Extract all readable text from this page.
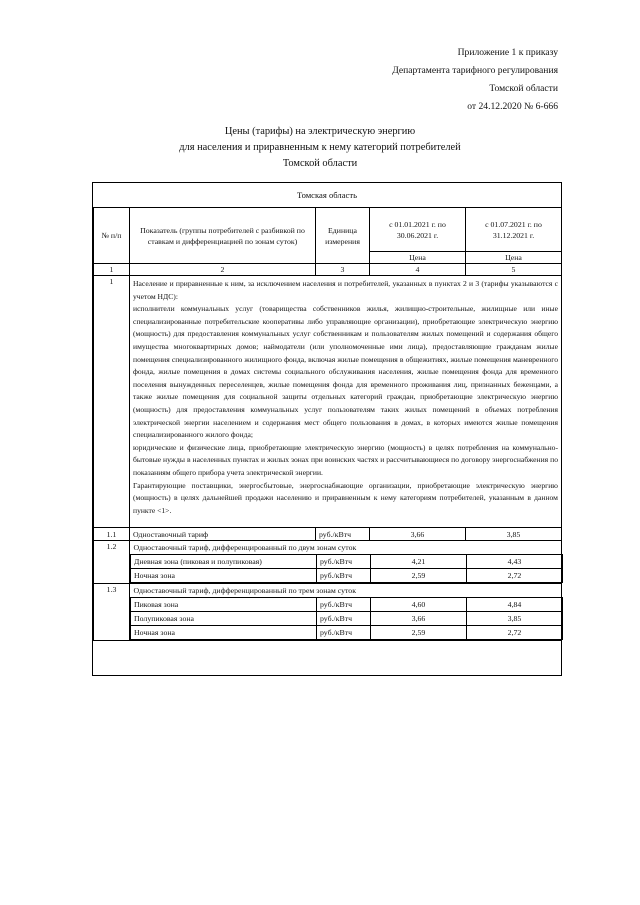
Приложение 1 к приказу
Департамента тарифного регулирования
Томской области
от 24.12.2020 № 6-666
Цены (тарифы) на электрическую энергию
для населения и приравненным к нему категорий потребителей
Томской области
Томская область
№ п/п	Показатель (группы потребителей с разбивкой по ставкам и дифференциацией по зонам суток)	Единица измерения	с 01.01.2021 г. по 30.06.2021 г.	с 01.07.2021 г. по 31.12.2021 г.
Цена	Цена
1	2	3	4	5
1	Население и приравненные к ним, за исключением населения и потребителей, указанных в пунктах 2 и 3 (тарифы указываются с учетом НДС):
исполнители коммунальных услуг (товарищества собственников жилья, жилищно-строительные, жилищные или иные специализированные потребительские кооперативы либо управляющие организации), приобретающие электрическую энергию (мощность) для предоставления коммунальных услуг собственникам и пользователям жилых помещений и содержания общего имущества многоквартирных домов; наймодатели (или уполномоченные ими лица), предоставляющие гражданам жилые помещения специализированного жилищного фонда, включая жилые помещения в общежитиях, жилые помещения маневренного фонда, жилые помещения в домах системы социального обслуживания населения, жилые помещения фонда для временного поселения вынужденных переселенцев, жилые помещения фонда для временного проживания лиц, признанных беженцами, а также жилые помещения для социальной защиты отдельных категорий граждан, приобретающие электрическую энергию (мощность) для предоставления коммунальных услуг пользователям таких жилых помещений в объемах потребления электрической энергии населением и содержания мест общего пользования в домах, в которых имеются жилые помещения специализированного жилого фонда;
юридические и физические лица, приобретающие электрическую энергию (мощность) в целях потребления на коммунально-бытовые нужды в населенных пунктах и жилых зонах при воинских частях и рассчитывающиеся по договору энергоснабжения по показаниям общего прибора учета электрической энергии.
Гарантирующие поставщики, энергосбытовые, энергоснабжающие организации, приобретающие электрическую энергию (мощность) в целях дальнейшей продажи населению и приравненным к нему категориям потребителей, указанным в данном пункте <1>.

1.1	Одноставочный тариф	руб./кВтч	3,66	3,85
1.2	Одноставочный тариф, дифференцированный по двум зонам суток
Дневная зона (пиковая и полупиковая)	руб./кВтч	4,21	4,43
Ночная зона	руб./кВтч	2,59	2,72

1.3	Одноставочный тариф, дифференцированный по трем зонам суток
Пиковая зона	руб./кВтч	4,60	4,84
Полупиковая зона	руб./кВтч	3,66	3,85
Ночная зона	руб./кВтч	2,59	2,72
